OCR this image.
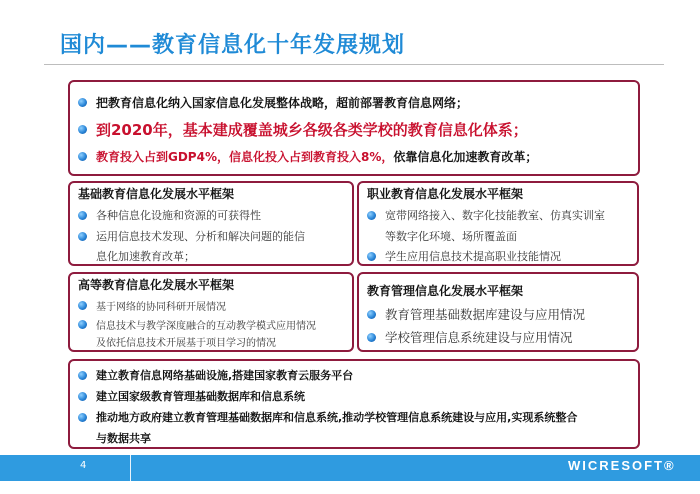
国内——教育信息化十年发展规划
把教育信息化纳入国家信息化发展整体战略，超前部署教育信息网络；
到2020年，基本建成覆盖城乡各级各类学校的教育信息化体系；
教育投入占到GDP4%，信息化投入占到教育投入8%， 依靠信息化加速教育改革；
基础教育信息化发展水平框架
各种信息化设施和资源的可获得性
运用信息技术发现、分析和解决问题的能信
息化加速教育改革；
职业教育信息化发展水平框架
宽带网络接入、数字化技能教室、仿真实训室
等数字化环境、场所覆盖面
学生应用信息技术提高职业技能情况
高等教育信息化发展水平框架
基于网络的协同科研开展情况
信息技术与教学深度融合的互动教学模式应用情况
及依托信息技术开展基于项目学习的情况
教育管理信息化发展水平框架
教育管理基础数据库建设与应用情况
学校管理信息系统建设与应用情况
建立教育信息网络基础设施,搭建国家教育云服务平台
建立国家级教育管理基础数据库和信息系统
推动地方政府建立教育管理基础数据库和信息系统,推动学校管理信息系统建设与应用,实现系统整合
与数据共享
4	WICRESOFT®
